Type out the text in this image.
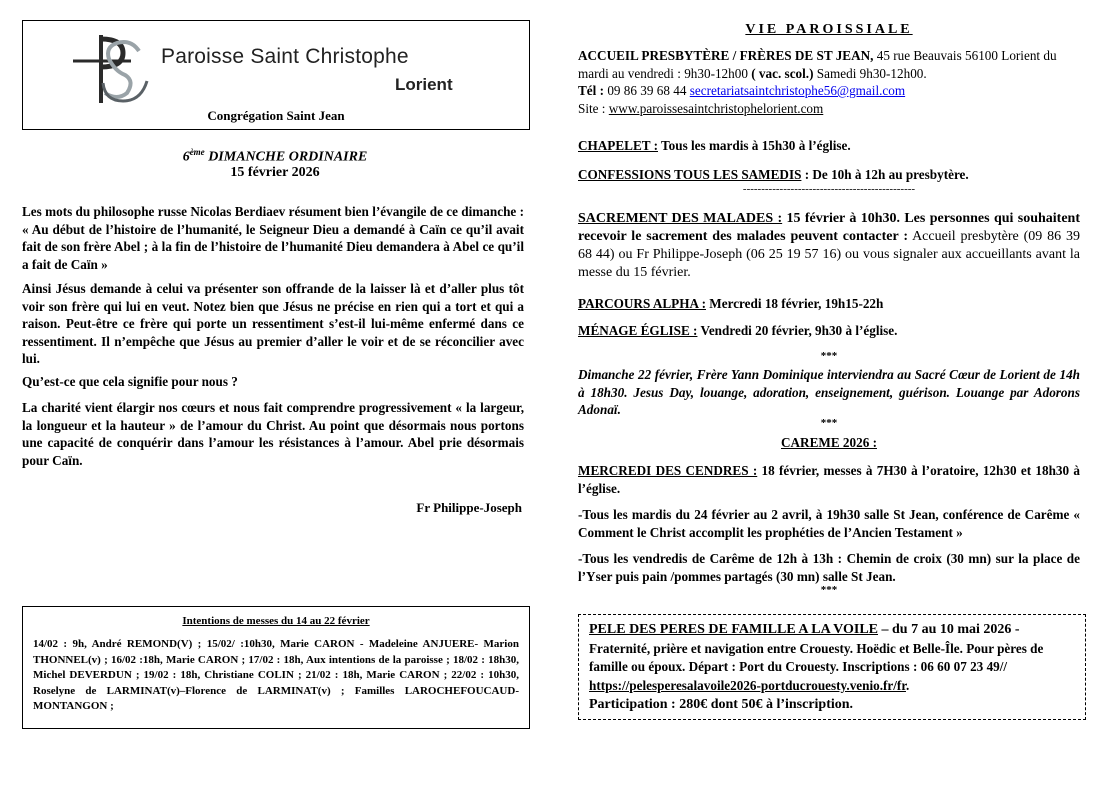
Paroisse Saint Christophe
Lorient
Congrégation Saint Jean
6ème DIMANCHE ORDINAIRE
15 février 2026
Les mots du philosophe russe Nicolas Berdiaev résument bien l’évangile de ce dimanche : « Au début de l’histoire de l’humanité, le Seigneur Dieu a demandé à Caïn ce qu’il avait fait de son frère Abel ; à la fin de l’histoire de l’humanité Dieu demandera à Abel ce qu’il a fait de Caïn »
Ainsi Jésus demande à celui va présenter son offrande de la laisser là et d’aller plus tôt voir son frère qui lui en veut. Notez bien que Jésus ne précise en rien qui a tort et qui a raison. Peut-être ce frère qui porte un ressentiment s’est-il lui-même enfermé dans ce ressentiment. Il n’empêche que Jésus au premier d’aller le voir et de se réconcilier avec lui.
Qu’est-ce que cela signifie pour nous ?
La charité vient élargir nos cœurs et nous fait comprendre progressivement « la largeur, la longueur et la hauteur » de l’amour du Christ. Au point que désormais nous portons une capacité de conquérir dans l’amour les résistances à l’amour. Abel prie désormais pour Caïn.
Fr Philippe-Joseph
Intentions de messes du 14 au 22 février
14/02 : 9h, André REMOND(V) ; 15/02/ :10h30, Marie CARON - Madeleine ANJUERE- Marion THONNEL(v) ; 16/02 :18h, Marie CARON ; 17/02 : 18h, Aux intentions de la paroisse ; 18/02 : 18h30, Michel DEVERDUN ; 19/02 : 18h, Christiane COLIN ; 21/02 : 18h, Marie CARON ; 22/02 : 10h30, Roselyne de LARMINAT(v)–Florence de LARMINAT(v) ; Familles LAROCHEFOUCAUD-MONTANGON ;
VIE PAROISSIALE
ACCUEIL PRESBYTÈRE / FRÈRES DE ST JEAN, 45 rue Beauvais 56100 Lorient du mardi au vendredi : 9h30-12h00 ( vac. scol.) Samedi 9h30-12h00.
Tél : 09 86 39 68 44 secretariatsaintchristophe56@gmail.com
Site : www.paroissesaintchristophelorient.com
CHAPELET : Tous les mardis à 15h30 à l’église.
CONFESSIONS TOUS LES SAMEDIS : De 10h à 12h au presbytère.
-----------------------------------------------
SACREMENT DES MALADES : 15 février à 10h30. Les personnes qui souhaitent recevoir le sacrement des malades peuvent contacter : Accueil presbytère (09 86 39 68 44) ou Fr Philippe-Joseph (06 25 19 57 16) ou vous signaler aux accueillants avant la messe du 15 février.
PARCOURS ALPHA : Mercredi 18 février, 19h15-22h
MÉNAGE ÉGLISE : Vendredi 20 février, 9h30 à l’église.
***
Dimanche 22 février, Frère Yann Dominique interviendra au Sacré Cœur de Lorient de 14h à 18h30. Jesus Day, louange, adoration, enseignement, guérison. Louange par Adorons Adonaï.
***
CAREME 2026 :
MERCREDI DES CENDRES : 18 février, messes à 7H30 à l’oratoire, 12h30 et 18h30 à l’église.
-Tous les mardis du 24 février au 2 avril, à 19h30 salle St Jean, conférence de Carême « Comment le Christ accomplit les prophéties de l’Ancien Testament »
-Tous les vendredis de Carême de 12h à 13h : Chemin de croix (30 mn) sur la place de l’Yser puis pain /pommes partagés (30 mn) salle St Jean.
***
PELE DES PERES DE FAMILLE A LA VOILE – du 7 au 10 mai 2026 - Fraternité, prière et navigation entre Crouesty. Hoëdic et Belle-Île. Pour pères de famille ou époux. Départ : Port du Crouesty. Inscriptions : 06 60 07 23 49// https://pelesperesalavoile2026-portducrouesty.venio.fr/fr.
Participation : 280€ dont 50€ à l’inscription.
